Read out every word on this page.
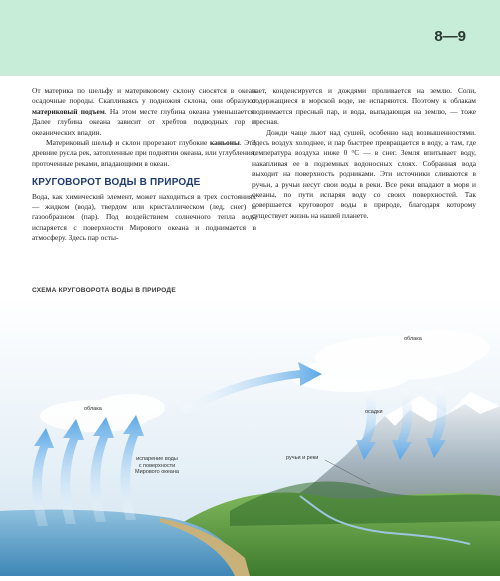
8—9

От материка по шельфу и материковому склону сносятся в океан осадочные породы. Скапливаясь у подножия склона, они образуют материковый подъем. На этом месте глубина океана уменьшается. Далее глубина океана зависит от хребтов подводных гор и океанических впадин.

Материковый шельф и склон прорезают глубокие каньоны. Это древние русла рек, затопленные при поднятии океана, или углубления, проточенные реками, впадающими в океан.

КРУГОВОРОТ ВОДЫ В ПРИРОДЕ

Вода, как химический элемент, может находиться в трех состояниях — жидком (вода), твердом или кристаллическом (лед, снег) и газообразном (пар). Под воздействием солнечного тепла вода испаряется с поверхности Мирового океана и поднимается в атмосферу. Здесь пар осты-

вает, конденсируется и дождями проливается на землю. Соли, содержащиеся в морской воде, не испаряются. Поэтому к облакам поднимается пресный пар, и вода, выпадающая на землю, — тоже пресная.

Дожди чаще льют над сушей, особенно над возвышенностями. Здесь воздух холоднее, и пар быстрее превращается в воду, а там, где температура воздуха ниже 0 °С — в снег. Земля впитывает воду, накапливая ее в подземных водоносных слоях. Собранная вода выходит на поверхность родниками. Эти источники сливаются в ручьи, а ручьи несут свои воды в реки. Все реки впадают в моря и океаны, по пути испаряя воду со своих поверхностей. Так совершается круговорот воды в природе, благодаря которому существует жизнь на нашей планете.

СХЕМА КРУГОВОРОТА ВОДЫ В ПРИРОДЕ
облака
испарение воды
с поверхности
Мирового океана
осадки
облака
ручьи и реки
